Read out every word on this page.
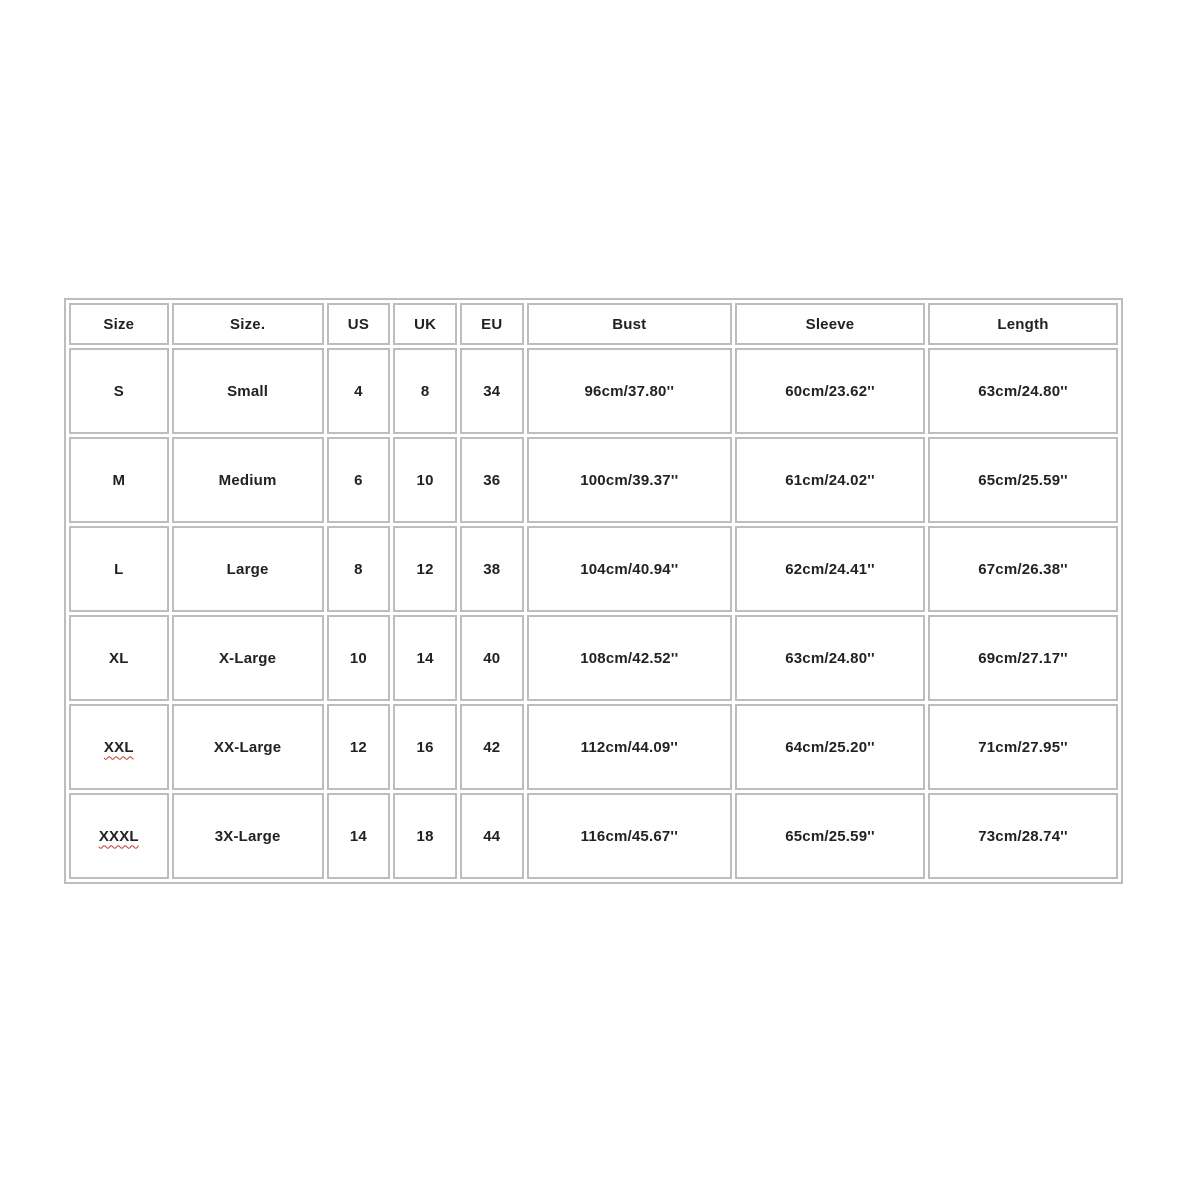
Size	Size.	US	UK	EU	Bust	Sleeve	Length
S	Small	4	8	34	96cm/37.80''	60cm/23.62''	63cm/24.80''
M	Medium	6	10	36	100cm/39.37''	61cm/24.02''	65cm/25.59''
L	Large	8	12	38	104cm/40.94''	62cm/24.41''	67cm/26.38''
XL	X-Large	10	14	40	108cm/42.52''	63cm/24.80''	69cm/27.17''
XXL	XX-Large	12	16	42	112cm/44.09''	64cm/25.20''	71cm/27.95''
XXXL	3X-Large	14	18	44	116cm/45.67''	65cm/25.59''	73cm/28.74''
